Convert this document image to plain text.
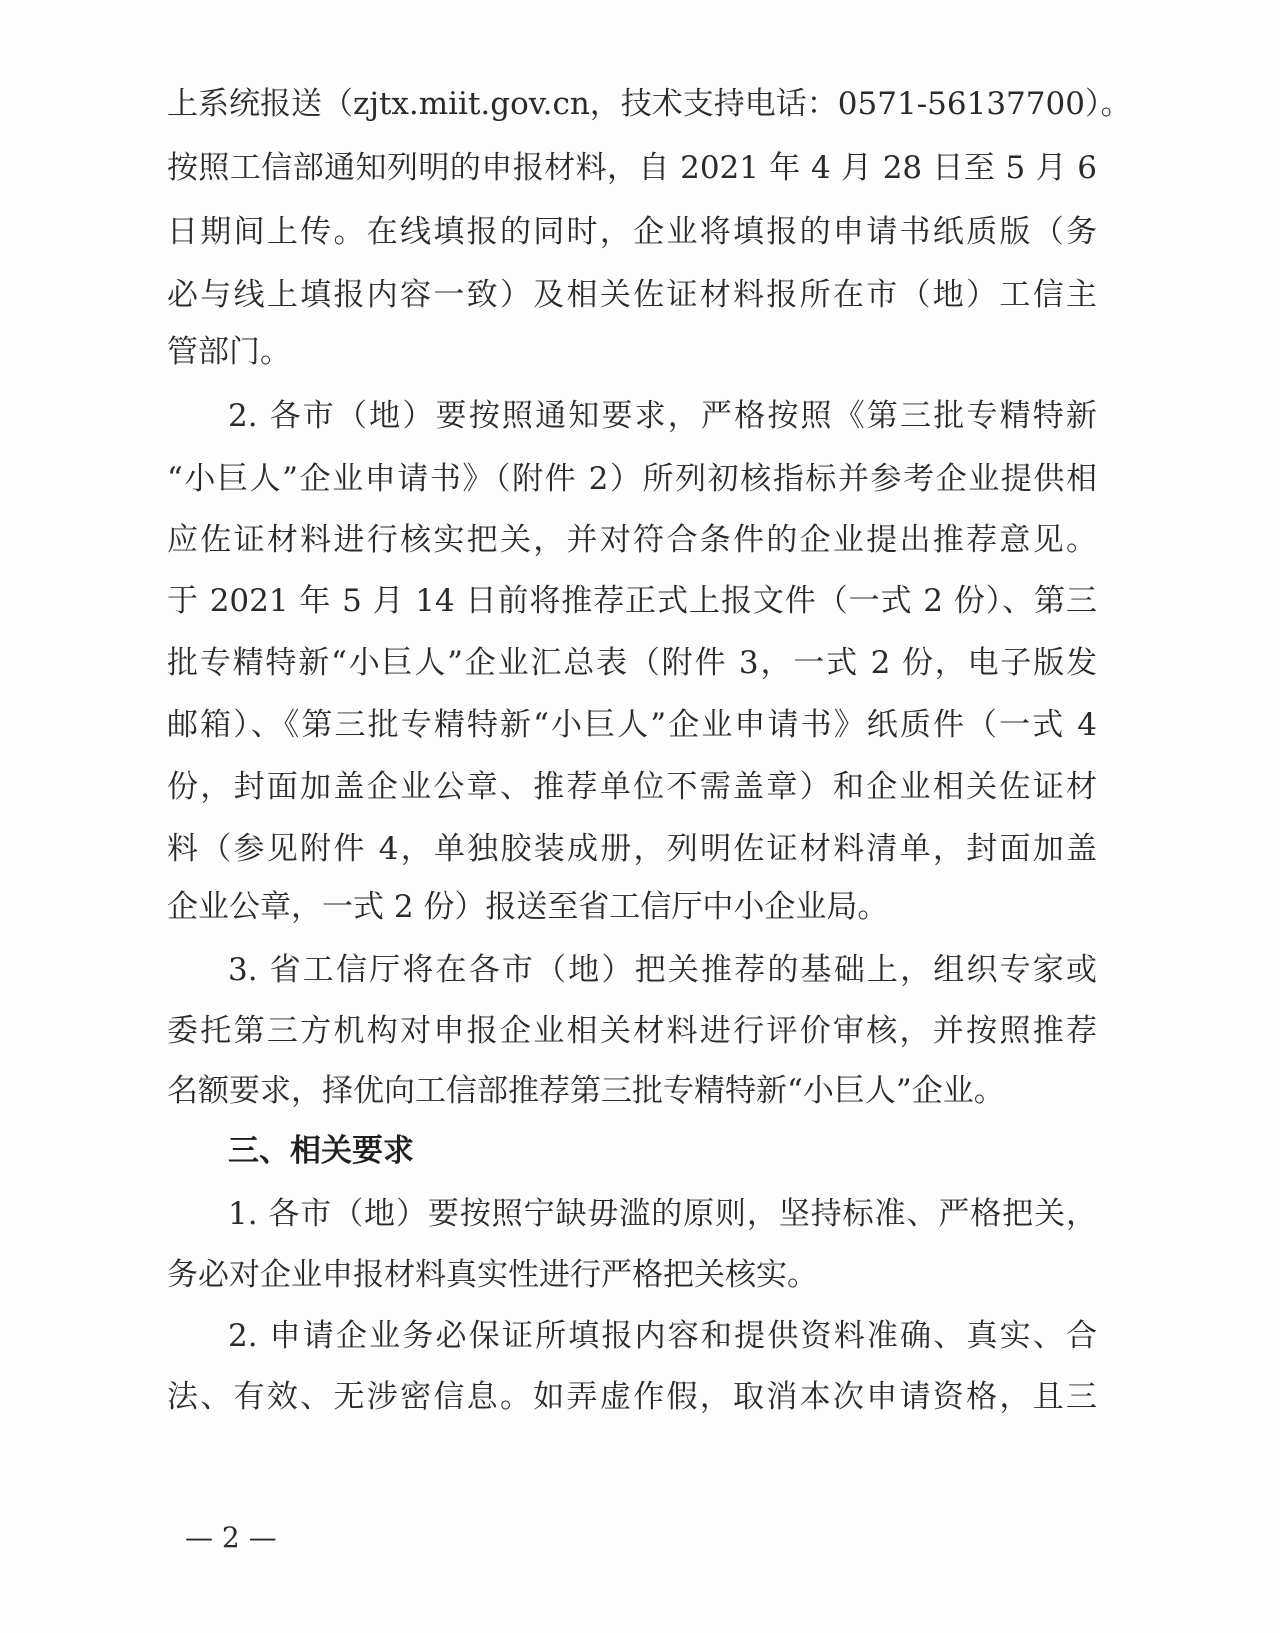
上系统报送（zjtx.miit.gov.cn，技术支持电话：0571-56137700）。
按照工信部通知列明的申报材料，自 2021 年 4 月 28 日至 5 月 6
日期间上传。在线填报的同时，企业将填报的申请书纸质版（务
必与线上填报内容一致）及相关佐证材料报所在市（地）工信主
管部门。
2. 各市（地）要按照通知要求，严格按照《第三批专精特新
“小巨人”企业申请书》（附件 2）所列初核指标并参考企业提供相
应佐证材料进行核实把关，并对符合条件的企业提出推荐意见。
于 2021 年 5 月 14 日前将推荐正式上报文件（一式 2 份）、第三
批专精特新“小巨人”企业汇总表（附件 3，一式 2 份，电子版发
邮箱）、《第三批专精特新“小巨人”企业申请书》纸质件（一式 4
份，封面加盖企业公章、推荐单位不需盖章）和企业相关佐证材
料（参见附件 4，单独胶装成册，列明佐证材料清单，封面加盖
企业公章，一式 2 份）报送至省工信厅中小企业局。
3. 省工信厅将在各市（地）把关推荐的基础上，组织专家或
委托第三方机构对申报企业相关材料进行评价审核，并按照推荐
名额要求，择优向工信部推荐第三批专精特新“小巨人”企业。
三、相关要求
1. 各市（地）要按照宁缺毋滥的原则，坚持标准、严格把关，
务必对企业申报材料真实性进行严格把关核实。
2. 申请企业务必保证所填报内容和提供资料准确、真实、合
法、有效、无涉密信息。如弄虚作假，取消本次申请资格，且三
— 2 —
